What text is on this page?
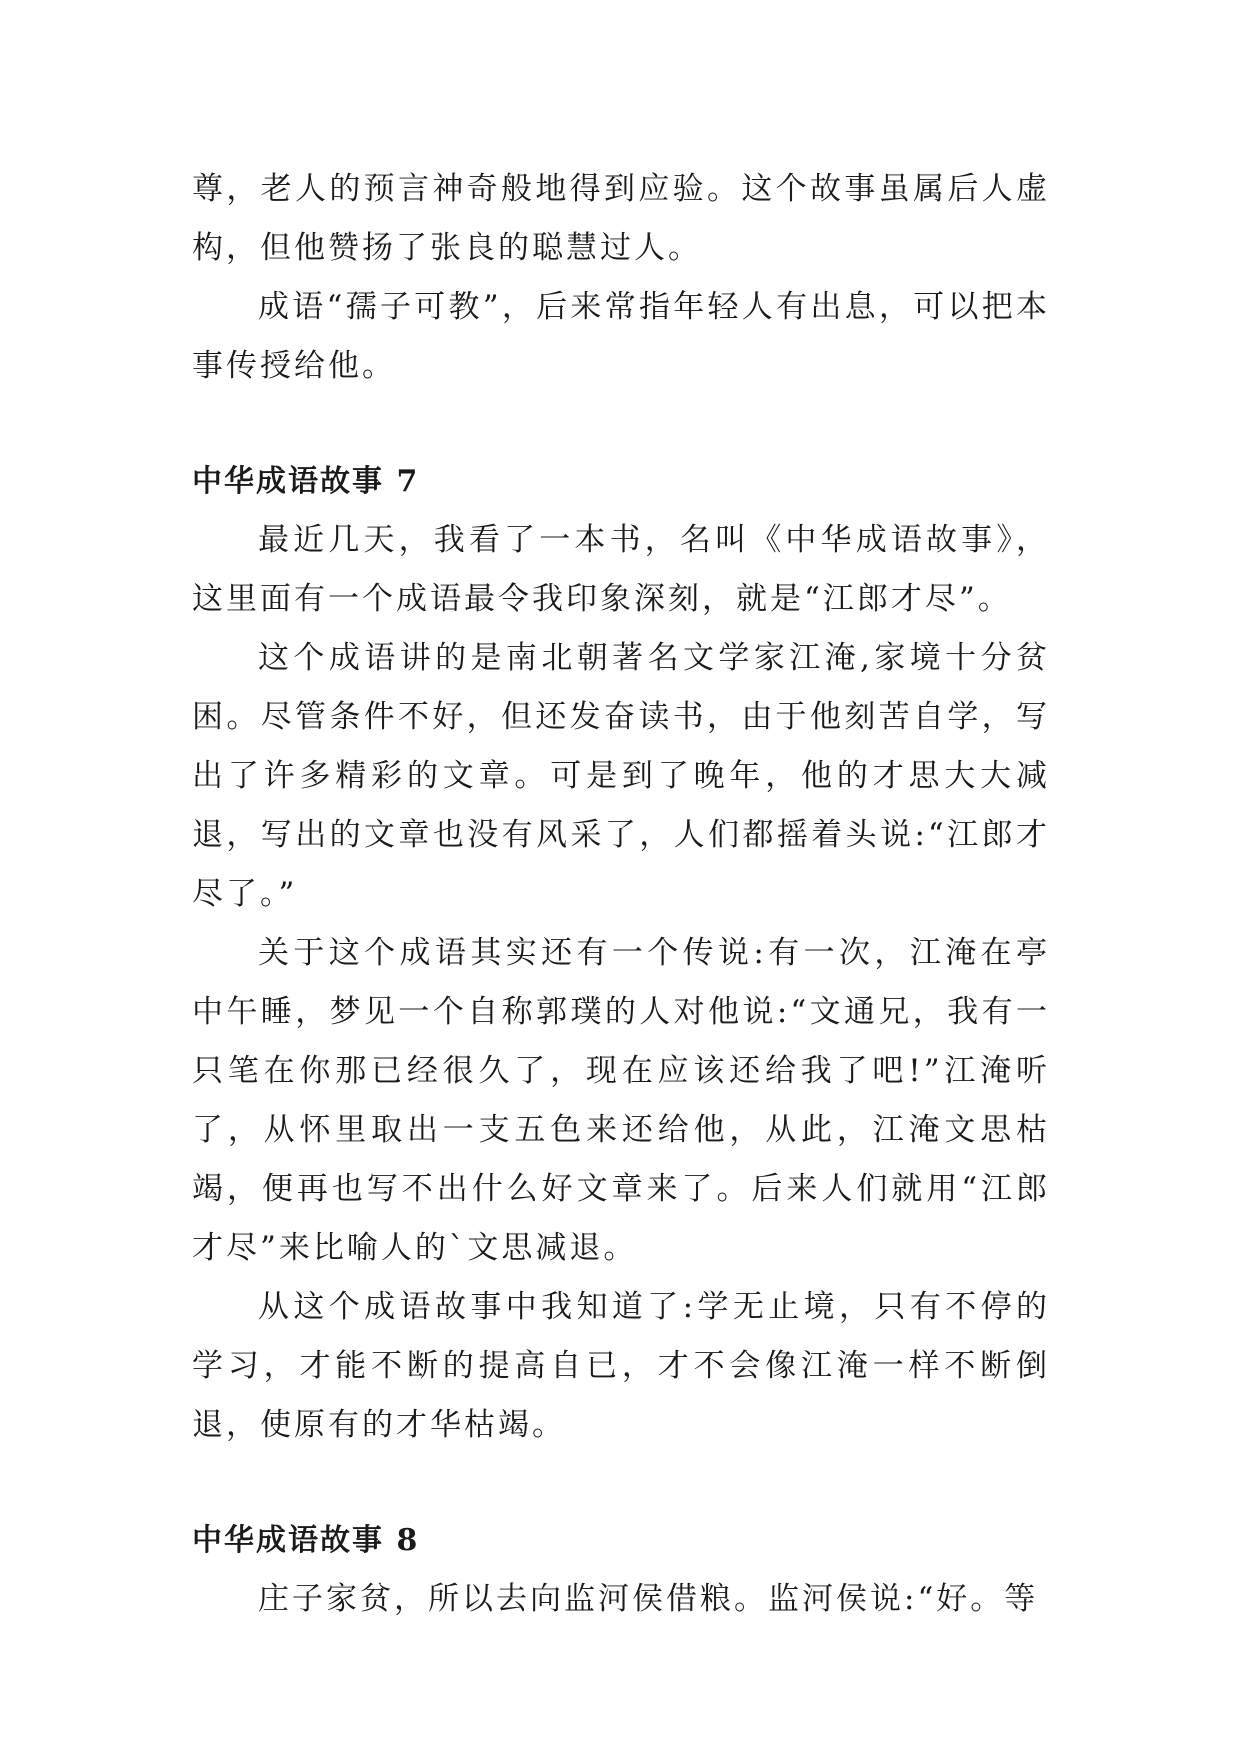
尊，老人的预言神奇般地得到应验。这个故事虽属后人虚构，但他赞扬了张良的聪慧过人。

成语“孺子可教”，后来常指年轻人有出息，可以把本事传授给他。

中华成语故事 7

最近几天，我看了一本书，名叫《中华成语故事》，这里面有一个成语最令我印象深刻，就是“江郎才尽”。

这个成语讲的是南北朝著名文学家江淹,家境十分贫困。尽管条件不好，但还发奋读书，由于他刻苦自学，写出了许多精彩的文章。可是到了晚年，他的才思大大减退，写出的文章也没有风采了，人们都摇着头说:“江郎才尽了。”

关于这个成语其实还有一个传说:有一次，江淹在亭中午睡，梦见一个自称郭璞的人对他说:“文通兄，我有一只笔在你那已经很久了，现在应该还给我了吧!”江淹听了，从怀里取出一支五色来还给他，从此，江淹文思枯竭，便再也写不出什么好文章来了。后来人们就用“江郎才尽”来比喻人的`文思减退。

从这个成语故事中我知道了:学无止境，只有不停的学习，才能不断的提高自已，才不会像江淹一样不断倒退，使原有的才华枯竭。

中华成语故事 8

庄子家贫，所以去向监河侯借粮。监河侯说:“好。等
